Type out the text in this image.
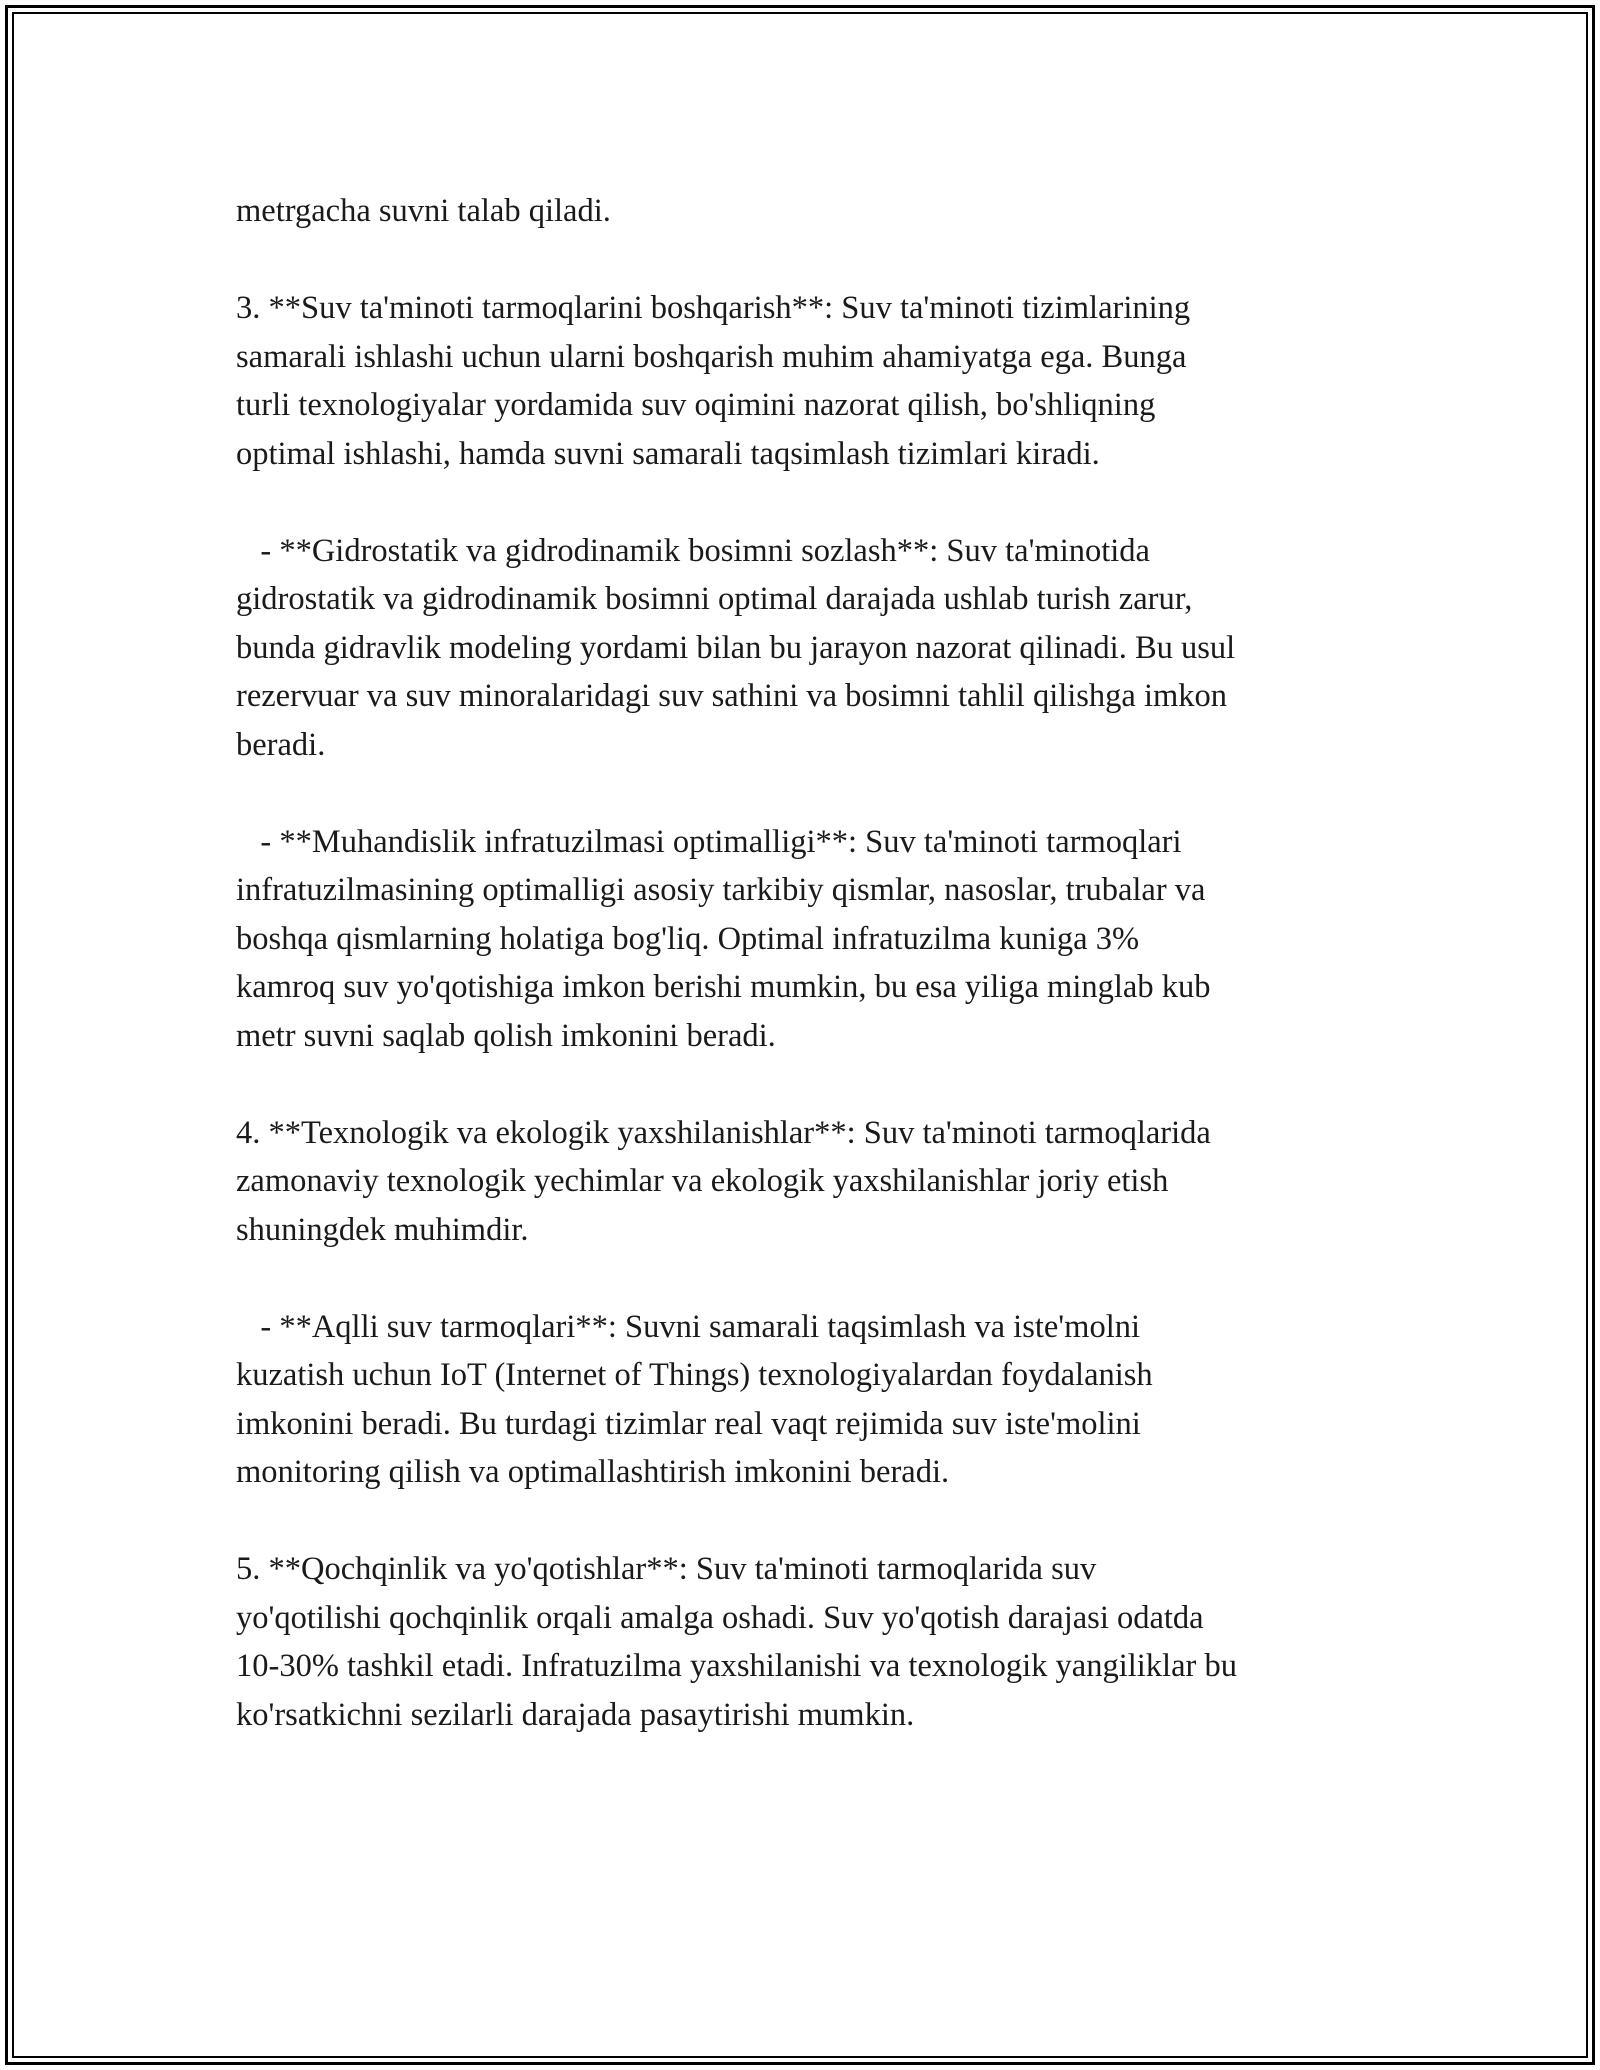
metrgacha suvni talab qiladi.

3. **Suv ta'minoti tarmoqlarini boshqarish**: Suv ta'minoti tizimlarining
samarali ishlashi uchun ularni boshqarish muhim ahamiyatga ega. Bunga
turli texnologiyalar yordamida suv oqimini nazorat qilish, bo'shliqning
optimal ishlashi, hamda suvni samarali taqsimlash tizimlari kiradi.

- **Gidrostatik va gidrodinamik bosimni sozlash**: Suv ta'minotida
gidrostatik va gidrodinamik bosimni optimal darajada ushlab turish zarur,
bunda gidravlik modeling yordami bilan bu jarayon nazorat qilinadi. Bu usul
rezervuar va suv minoralaridagi suv sathini va bosimni tahlil qilishga imkon
beradi.

- **Muhandislik infratuzilmasi optimalligi**: Suv ta'minoti tarmoqlari
infratuzilmasining optimalligi asosiy tarkibiy qismlar, nasoslar, trubalar va
boshqa qismlarning holatiga bog'liq. Optimal infratuzilma kuniga 3%
kamroq suv yo'qotishiga imkon berishi mumkin, bu esa yiliga minglab kub
metr suvni saqlab qolish imkonini beradi.

4. **Texnologik va ekologik yaxshilanishlar**: Suv ta'minoti tarmoqlarida
zamonaviy texnologik yechimlar va ekologik yaxshilanishlar joriy etish
shuningdek muhimdir.

- **Aqlli suv tarmoqlari**: Suvni samarali taqsimlash va iste'molni
kuzatish uchun IoT (Internet of Things) texnologiyalardan foydalanish
imkonini beradi. Bu turdagi tizimlar real vaqt rejimida suv iste'molini
monitoring qilish va optimallashtirish imkonini beradi.

5. **Qochqinlik va yo'qotishlar**: Suv ta'minoti tarmoqlarida suv
yo'qotilishi qochqinlik orqali amalga oshadi. Suv yo'qotish darajasi odatda
10-30% tashkil etadi. Infratuzilma yaxshilanishi va texnologik yangiliklar bu
ko'rsatkichni sezilarli darajada pasaytirishi mumkin.
